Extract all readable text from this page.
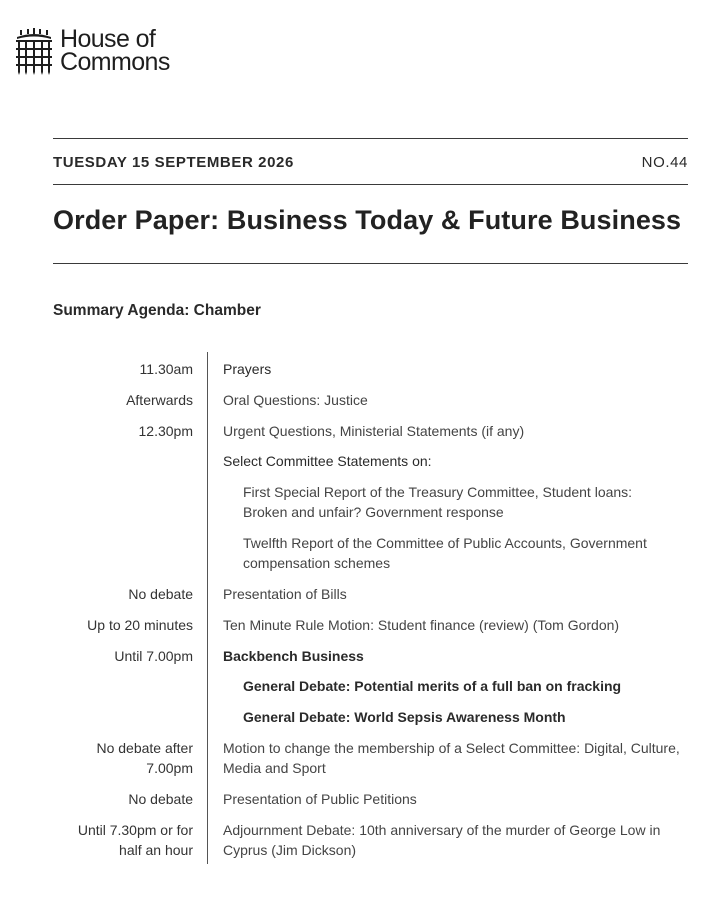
House of
Commons
TUESDAY 15 SEPTEMBER 2026	NO.44
Order Paper: Business Today & Future Business
Summary Agenda: Chamber
11.30am Prayers
Afterwards Oral Questions: Justice
12.30pm Urgent Questions, Ministerial Statements (if any)
Select Committee Statements on:
First Special Report of the Treasury Committee, Student loans: Broken and unfair? Government response
Twelfth Report of the Committee of Public Accounts, Government compensation schemes
No debate Presentation of Bills
Up to 20 minutes Ten Minute Rule Motion: Student finance (review) (Tom Gordon)
Until 7.00pm Backbench Business
General Debate: Potential merits of a full ban on fracking
General Debate: World Sepsis Awareness Month
No debate after 7.00pm
Motion to change the membership of a Select Committee: Digital, Culture, Media and Sport
No debate Presentation of Public Petitions
Until 7.30pm or for half an hour
Adjournment Debate: 10th anniversary of the murder of George Low in Cyprus (Jim Dickson)
